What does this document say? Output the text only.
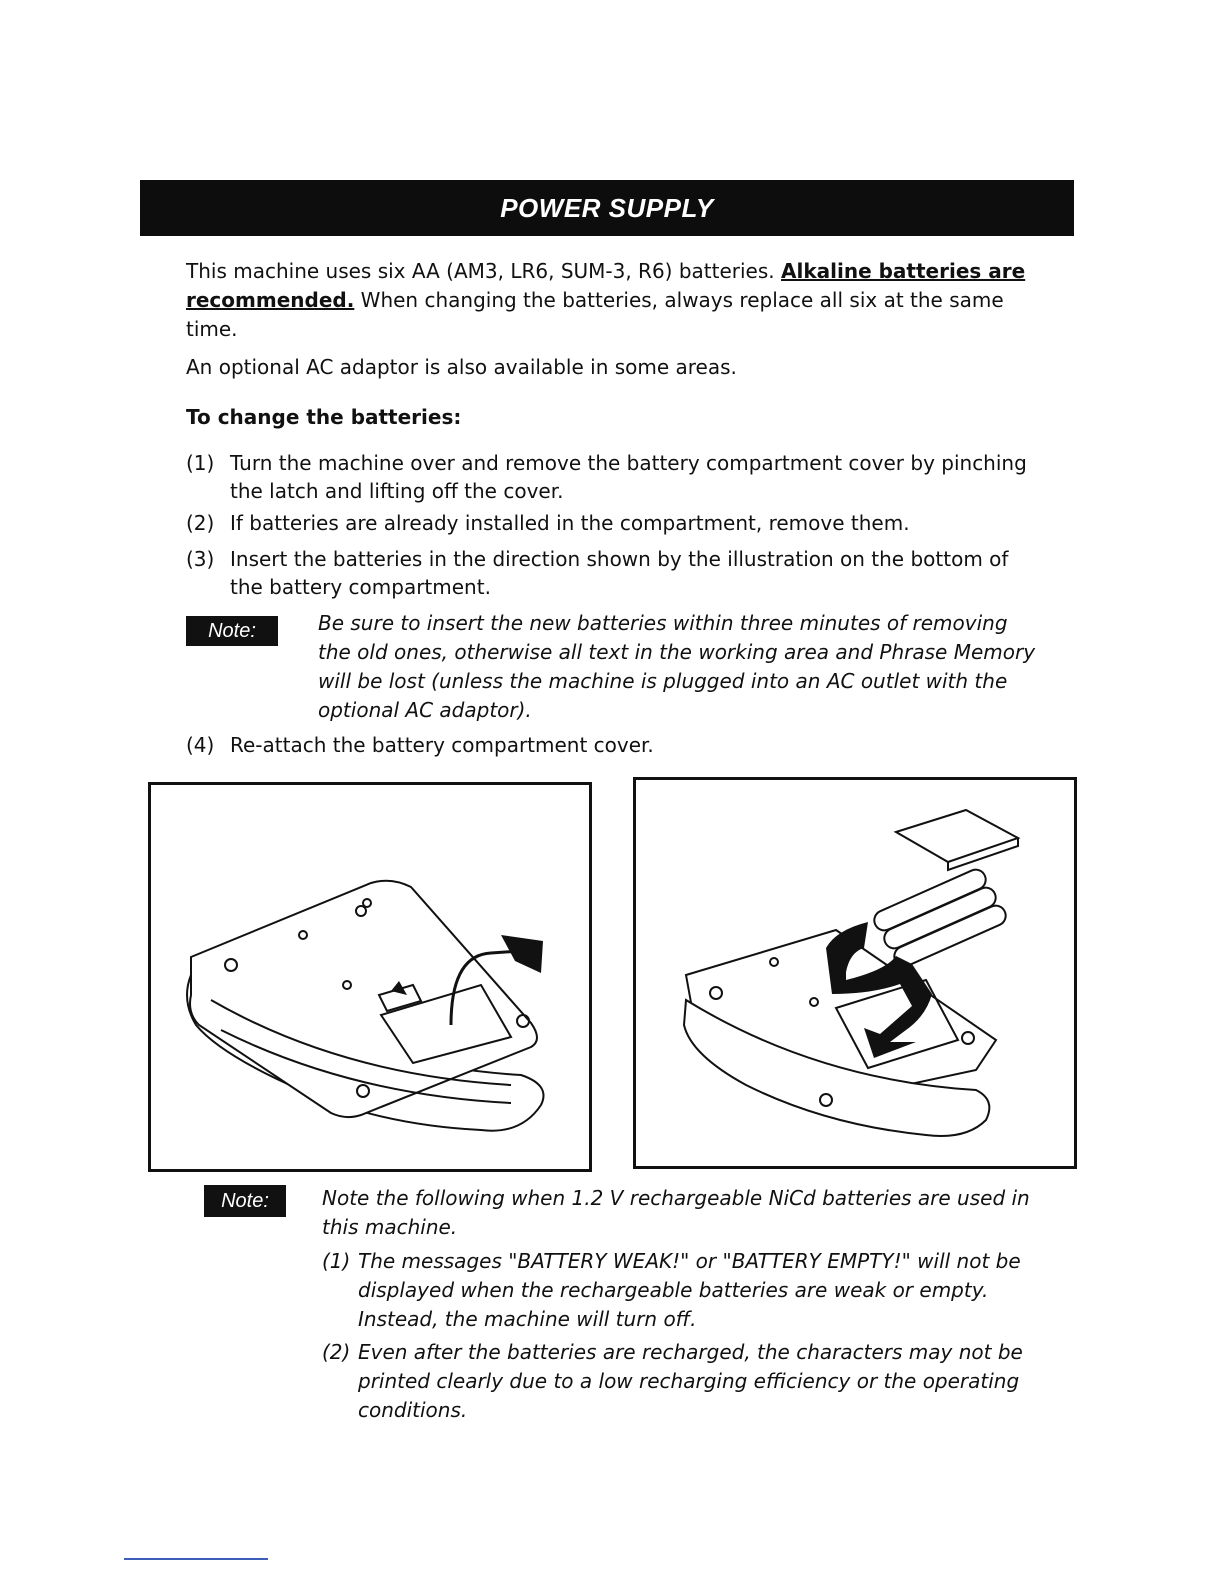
POWER SUPPLY
This machine uses six AA (AM3, LR6, SUM-3, R6) batteries. Alkaline batteries are recommended. When changing the batteries, always replace all six at the same time.
An optional AC adaptor is also available in some areas.
To change the batteries:
(1) Turn the machine over and remove the battery compartment cover by pinching the latch and lifting off the cover.
(2) If batteries are already installed in the compartment, remove them.
(3) Insert the batteries in the direction shown by the illustration on the bottom of the battery compartment.
Note:	Be sure to insert the new batteries within three minutes of removing the old ones, otherwise all text in the working area and Phrase Memory will be lost (unless the machine is plugged into an AC outlet with the optional AC adaptor).
(4) Re-attach the battery compartment cover.
Note:	Note the following when 1.2 V rechargeable NiCd batteries are used in this machine.
(1) The messages "BATTERY WEAK!" or "BATTERY EMPTY!" will not be displayed when the rechargeable batteries are weak or empty. Instead, the machine will turn off.
(2) Even after the batteries are recharged, the characters may not be printed clearly due to a low recharging efficiency or the operating conditions.
